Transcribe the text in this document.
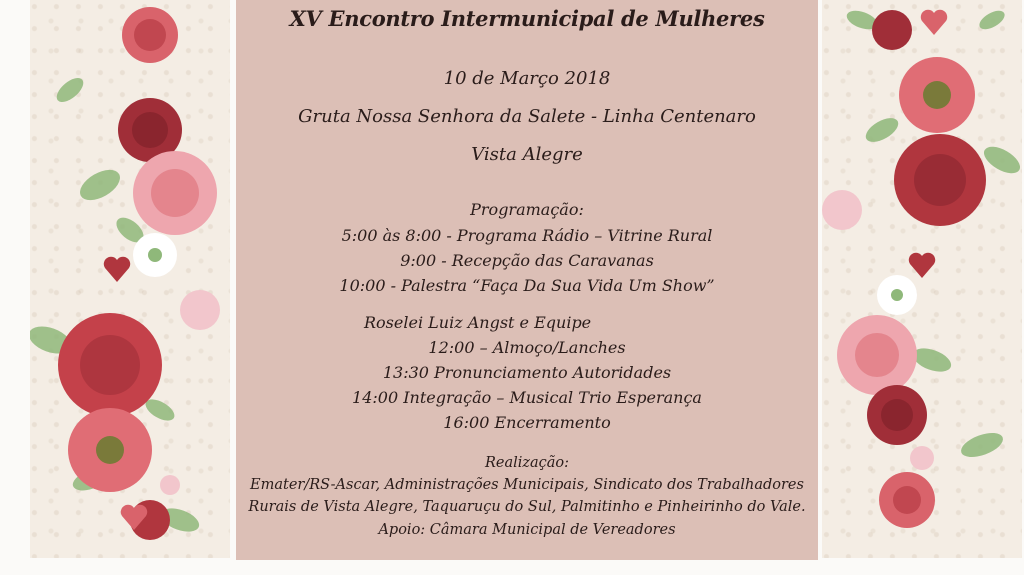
XV Encontro Intermunicipal de Mulheres
10 de Março 2018
Gruta Nossa Senhora da Salete - Linha Centenaro
Vista Alegre
Programação:
5:00 às 8:00 - Programa Rádio – Vitrine Rural
9:00 - Recepção das Caravanas
10:00 - Palestra “Faça Da Sua Vida Um Show”
Roselei Luiz Angst e Equipe
12:00 – Almoço/Lanches
13:30 Pronunciamento Autoridades
14:00 Integração – Musical Trio Esperança
16:00 Encerramento
Realização:
Emater/RS-Ascar, Administrações Municipais, Sindicato dos Trabalhadores
Rurais de Vista Alegre, Taquaruçu do Sul, Palmitinho e Pinheirinho do Vale.
Apoio: Câmara Municipal de Vereadores
